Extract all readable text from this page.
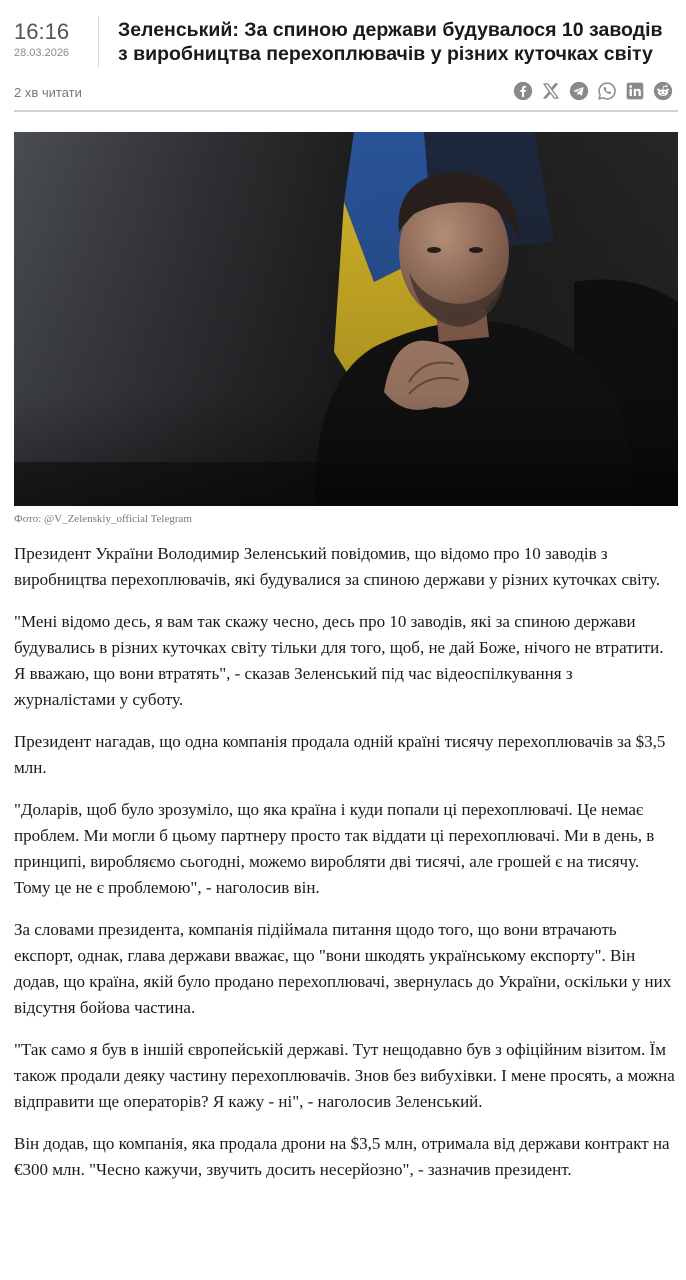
16:16
28.03.2026
Зеленський: За спиною держави будувалося 10 заводів з виробництва перехоплювачів у різних куточках світу
2 хв читати
Фото: @V_Zelenskiy_official Telegram

Президент України Володимир Зеленський повідомив, що відомо про 10 заводів з виробництва перехоплювачів, які будувалися за спиною держави у різних куточках світу.

"Мені відомо десь, я вам так скажу чесно, десь про 10 заводів, які за спиною держави будувались в різних куточках світу тільки для того, щоб, не дай Боже, нічого не втратити. Я вважаю, що вони втратять", - сказав Зеленський під час відеоспілкування з журналістами у суботу.

Президент нагадав, що одна компанія продала одній країні тисячу перехоплювачів за $3,5 млн.

"Доларів, щоб було зрозуміло, що яка країна і куди попали ці перехоплювачі. Це немає проблем. Ми могли б цьому партнеру просто так віддати ці перехоплювачі. Ми в день, в принципі, виробляємо сьогодні, можемо виробляти дві тисячі, але грошей є на тисячу. Тому це не є проблемою", - наголосив він.

За словами президента, компанія підіймала питання щодо того, що вони втрачають експорт, однак, глава держави вважає, що "вони шкодять українському експорту". Він додав, що країна, якій було продано перехоплювачі, звернулась до України, оскільки у них відсутня бойова частина.

"Так само я був в іншій європейській державі. Тут нещодавно був з офіційним візитом. Їм також продали деяку частину перехоплювачів. Знов без вибухівки. І мене просять, а можна відправити ще операторів? Я кажу - ні", - наголосив Зеленський.

Він додав, що компанія, яка продала дрони на $3,5 млн, отримала від держави контракт на €300 млн. "Чесно кажучи, звучить досить несерйозно", - зазначив президент.
